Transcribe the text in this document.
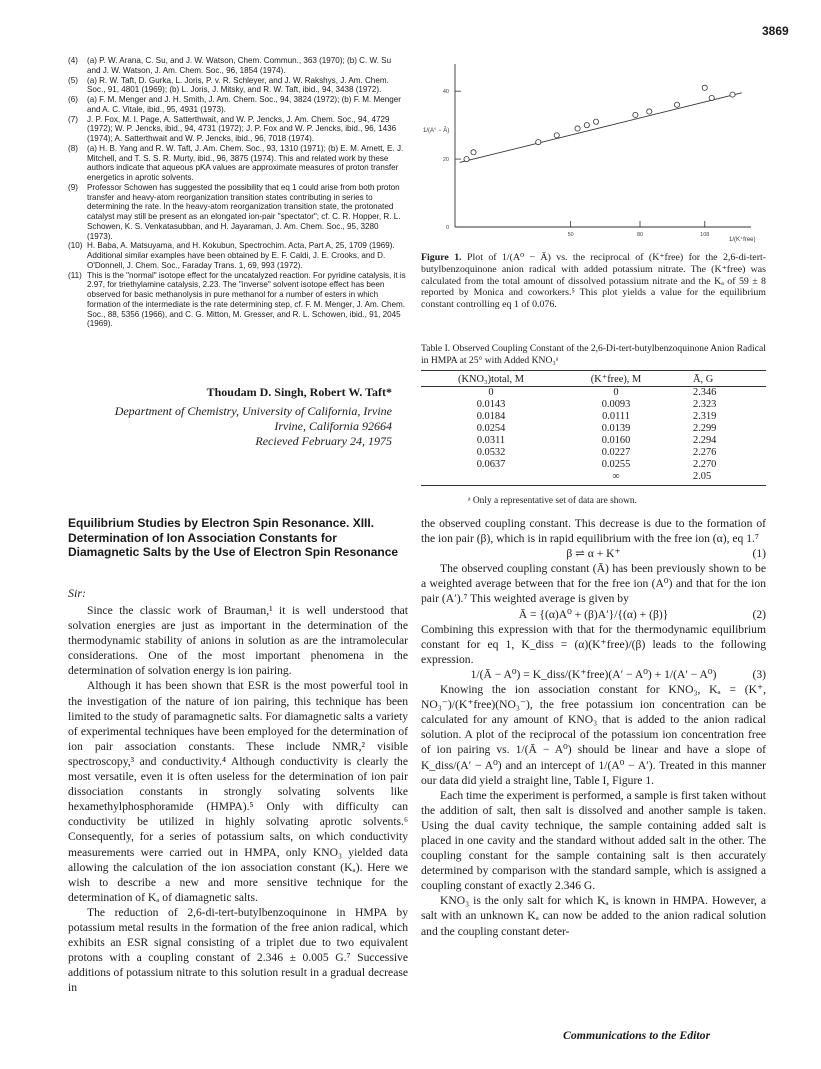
3869

(4) (a) P. W. Arana, C. Su, and J. W. Watson, Chem. Commun., 363 (1970); (b) C. W. Su and J. W. Watson, J. Am. Chem. Soc., 96, 1854 (1974).

(5) (a) R. W. Taft, D. Gurka, L. Joris, P. v. R. Schleyer, and J. W. Rakshys, J. Am. Chem. Soc., 91, 4801 (1969); (b) L. Joris, J. Mitsky, and R. W. Taft, ibid., 94, 3438 (1972).

(6) (a) F. M. Menger and J. H. Smith, J. Am. Chem. Soc., 94, 3824 (1972); (b) F. M. Menger and A. C. Vitale, ibid., 95, 4931 (1973).

(7) J. P. Fox, M. I. Page, A. Satterthwait, and W. P. Jencks, J. Am. Chem. Soc., 94, 4729 (1972); W. P. Jencks, ibid., 94, 4731 (1972); J. P. Fox and W. P. Jencks, ibid., 96, 1436 (1974); A. Satterthwait and W. P. Jencks, ibid., 96, 7018 (1974).

(8) (a) H. B. Yang and R. W. Taft, J. Am. Chem. Soc., 93, 1310 (1971); (b) E. M. Arnett, E. J. Mitchell, and T. S. S. R. Murty, ibid., 96, 3875 (1974). This and related work by these authors indicate that aqueous pKA values are approximate measures of proton transfer energetics in aprotic solvents.

(9) Professor Schowen has suggested the possibility that eq 1 could arise from both proton transfer and heavy-atom reorganization transition states contributing in series to determining the rate. In the heavy-atom reorganization transition state, the protonated catalyst may still be present as an elongated ion-pair "spectator"; cf. C. R. Hopper, R. L. Schowen, K. S. Venkatasubban, and H. Jayaraman, J. Am. Chem. Soc., 95, 3280 (1973).

(10) H. Baba, A. Matsuyama, and H. Kokubun, Spectrochim. Acta, Part A, 25, 1709 (1969). Additional similar examples have been obtained by E. F. Caldi, J. E. Crooks, and D. O'Donnell, J. Chem. Soc., Faraday Trans. 1, 69, 993 (1972).

(11) This is the "normal" isotope effect for the uncatalyzed reaction. For pyridine catalysis, it is 2.97, for triethylamine catalysis, 2.23. The "inverse" solvent isotope effect has been observed for basic methanolysis in pure methanol for a number of esters in which formation of the intermediate is the rate determining step, cf. F. M. Menger, J. Am. Chem. Soc., 88, 5356 (1966), and C. G. Mitton, M. Gresser, and R. L. Schowen, ibid., 91, 2045 (1969).

Thoudam D. Singh, Robert W. Taft*
Department of Chemistry, University of California, Irvine
Irvine, California 92664
Recieved February 24, 1975
Equilibrium Studies by Electron Spin Resonance. XIII. Determination of Ion Association Constants for Diamagnetic Salts by the Use of Electron Spin Resonance
Sir:

Since the classic work of Brauman,¹ it is well understood that solvation energies are just as important in the determination of the thermodynamic stability of anions in solution as are the intramolecular considerations. One of the most important phenomena in the determination of solvation energy is ion pairing.

Although it has been shown that ESR is the most powerful tool in the investigation of the nature of ion pairing, this technique has been limited to the study of paramagnetic salts. For diamagnetic salts a variety of experimental techniques have been employed for the determination of ion pair association constants. These include NMR,² visible spectroscopy,³ and conductivity.⁴ Although conductivity is clearly the most versatile, even it is often useless for the determination of ion pair dissociation constants in strongly solvating solvents like hexamethylphosphoramide (HMPA).⁵ Only with difficulty can conductivity be utilized in highly solvating aprotic solvents.⁶ Consequently, for a series of potassium salts, on which conductivity measurements were carried out in HMPA, only KNO₃ yielded data allowing the calculation of the ion association constant (Kₐ). Here we wish to describe a new and more sensitive technique for the determination of Kₐ of diamagnetic salts.

The reduction of 2,6-di-tert-butylbenzoquinone in HMPA by potassium metal results in the formation of the free anion radical, which exhibits an ESR signal consisting of a triplet due to two equivalent protons with a coupling constant of 2.346 ± 0.005 G.⁷ Successive additions of potassium nitrate to this solution result in a gradual decrease in

0
20
40
50	80	108
1/(A° − Ā)
1/(K⁺free)
Figure 1. Plot of 1/(A⁰ − Ā) vs. the reciprocal of (K⁺free) for the 2,6-di-tert-butylbenzoquinone anion radical with added potassium nitrate. The (K⁺free) was calculated from the total amount of dissolved potassium nitrate and the Kₐ of 59 ± 8 reported by Monica and coworkers.⁵ This plot yields a value for the equilibrium constant controlling eq 1 of 0.076.
Table I. Observed Coupling Constant of the 2,6-Di-tert-butylbenzoquinone Anion Radical in HMPA at 25° with Added KNO₃ᵃ
(KNO₃)total, M	(K⁺free), M	Ā, G
0	0	2.346
0.0143	0.0093	2.323
0.0184	0.0111	2.319
0.0254	0.0139	2.299
0.0311	0.0160	2.294
0.0532	0.0227	2.276
0.0637	0.0255	2.270
	∞	2.05
ᵃ Only a representative set of data are shown.

the observed coupling constant. This decrease is due to the formation of the ion pair (β), which is in rapid equilibrium with the free ion (α), eq 1.⁷

β ⇌ α + K⁺	(1)

The observed coupling constant (Ā) has been previously shown to be a weighted average between that for the free ion (A⁰) and that for the ion pair (A′).⁷ This weighted average is given by

Ā = {(α)A⁰ + (β)A′}/{(α) + (β)}	(2)

Combining this expression with that for the thermodynamic equilibrium constant for eq 1, K_diss = (α)(K⁺free)/(β) leads to the following expression.

1/(Ā − A⁰) = K_diss/(K⁺free)(A′ − A⁰) + 1/(A′ − A⁰)	(3)

Knowing the ion association constant for KNO₃, Kₐ = (K⁺, NO₃⁻)/(K⁺free)(NO₃⁻), the free potassium ion concentration can be calculated for any amount of KNO₃ that is added to the anion radical solution. A plot of the reciprocal of the potassium ion concentration free of ion pairing vs. 1/(Ā − A⁰) should be linear and have a slope of K_diss/(A′ − A⁰) and an intercept of 1/(A⁰ − A′). Treated in this manner our data did yield a straight line, Table I, Figure 1.

Each time the experiment is performed, a sample is first taken without the addition of salt, then salt is dissolved and another sample is taken. Using the dual cavity technique, the sample containing added salt is placed in one cavity and the standard without added salt in the other. The coupling constant for the sample containing salt is then accurately determined by comparison with the standard sample, which is assigned a coupling constant of exactly 2.346 G.

KNO₃ is the only salt for which Kₐ is known in HMPA. However, a salt with an unknown Kₐ can now be added to the anion radical solution and the coupling constant deter-

Communications to the Editor
